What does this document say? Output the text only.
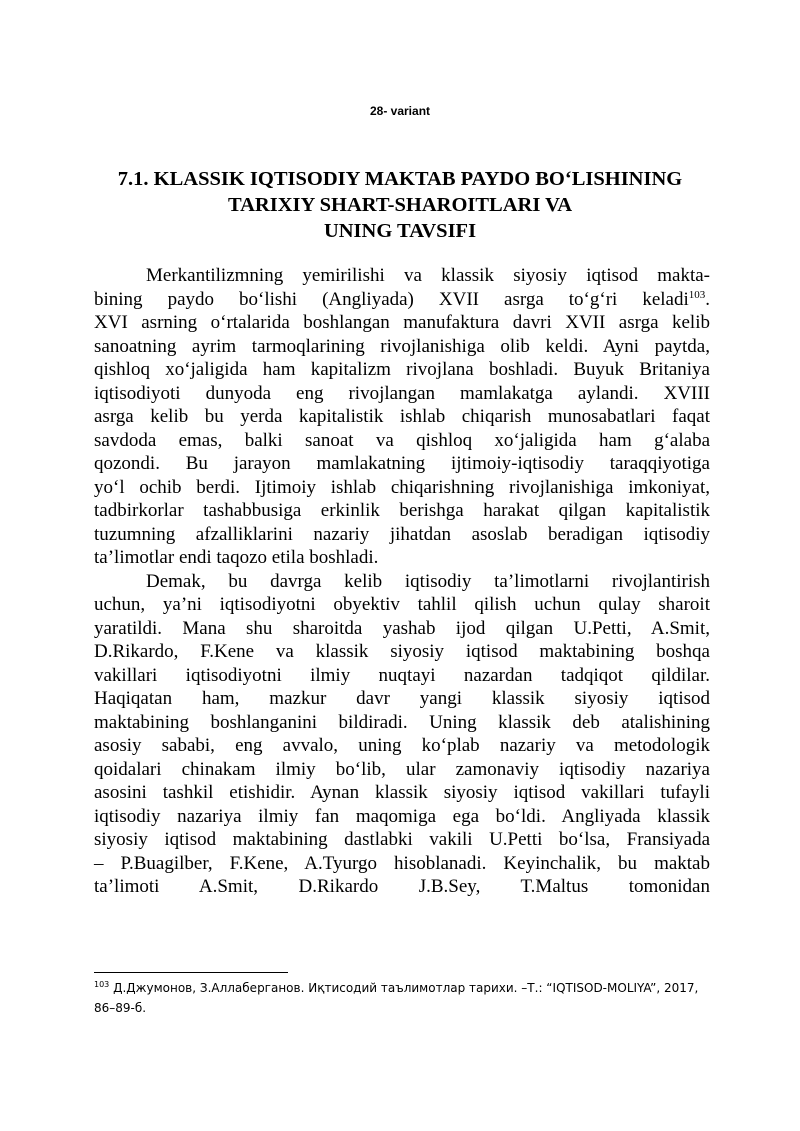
28- variant
7.1. KLASSIK IQTISODIY MAKTAB PAYDO BO‘LISHINING
TARIXIY SHART-SHAROITLARI VA
UNING TAVSIFI
Merkantilizmning yemirilishi va klassik siyosiy iqtisod makta-
bining paydo bo‘lishi (Angliyada) XVII asrga to‘g‘ri keladi$^{103}$.
XVI asrning o‘rtalarida boshlangan manufaktura davri XVII asrga kelib
sanoatning ayrim tarmoqlarining rivojlanishiga olib keldi. Ayni paytda,
qishloq xo‘jaligida ham kapitalizm rivojlana boshladi. Buyuk Britaniya
iqtisodiyoti dunyoda eng rivojlangan mamlakatga aylandi. XVIII
asrga kelib bu yerda kapitalistik ishlab chiqarish munosabatlari faqat
savdoda emas, balki sanoat va qishloq xo‘jaligida ham g‘alaba
qozondi. Bu jarayon mamlakatning ijtimoiy-iqtisodiy taraqqiyotiga
yo‘l ochib berdi. Ijtimoiy ishlab chiqarishning rivojlanishiga imkoniyat,
tadbirkorlar tashabbusiga erkinlik berishga harakat qilgan kapitalistik
tuzumning afzalliklarini nazariy jihatdan asoslab beradigan iqtisodiy
ta’limotlar endi taqozo etila boshladi.
Demak, bu davrga kelib iqtisodiy ta’limotlarni rivojlantirish
uchun, ya’ni iqtisodiyotni obyektiv tahlil qilish uchun qulay sharoit
yaratildi. Mana shu sharoitda yashab ijod qilgan U.Petti, A.Smit,
D.Rikardo, F.Kene va klassik siyosiy iqtisod maktabining boshqa
vakillari iqtisodiyotni ilmiy nuqtayi nazardan tadqiqot qildilar.
Haqiqatan ham, mazkur davr yangi klassik siyosiy iqtisod
maktabining boshlanganini bildiradi. Uning klassik deb atalishining
asosiy sababi, eng avvalo, uning ko‘plab nazariy va metodologik
qoidalari chinakam ilmiy bo‘lib, ular zamonaviy iqtisodiy nazariya
asosini tashkil etishidir. Aynan klassik siyosiy iqtisod vakillari tufayli
iqtisodiy nazariya ilmiy fan maqomiga ega bo‘ldi. Angliyada klassik
siyosiy iqtisod maktabining dastlabki vakili U.Petti bo‘lsa, Fransiyada
– P.Buagilber, F.Kene, A.Tyurgo hisoblanadi. Keyinchalik, bu maktab
ta’limoti A.Smit, D.Rikardo J.B.Sey, T.Maltus tomonidan
$^{103}$ Д.Джумонов, З.Аллаберганов. Иқтисодий таълимотлар тарихи. –Т.: “IQTISOD-MOLIYA”, 2017, 86–89-б.
